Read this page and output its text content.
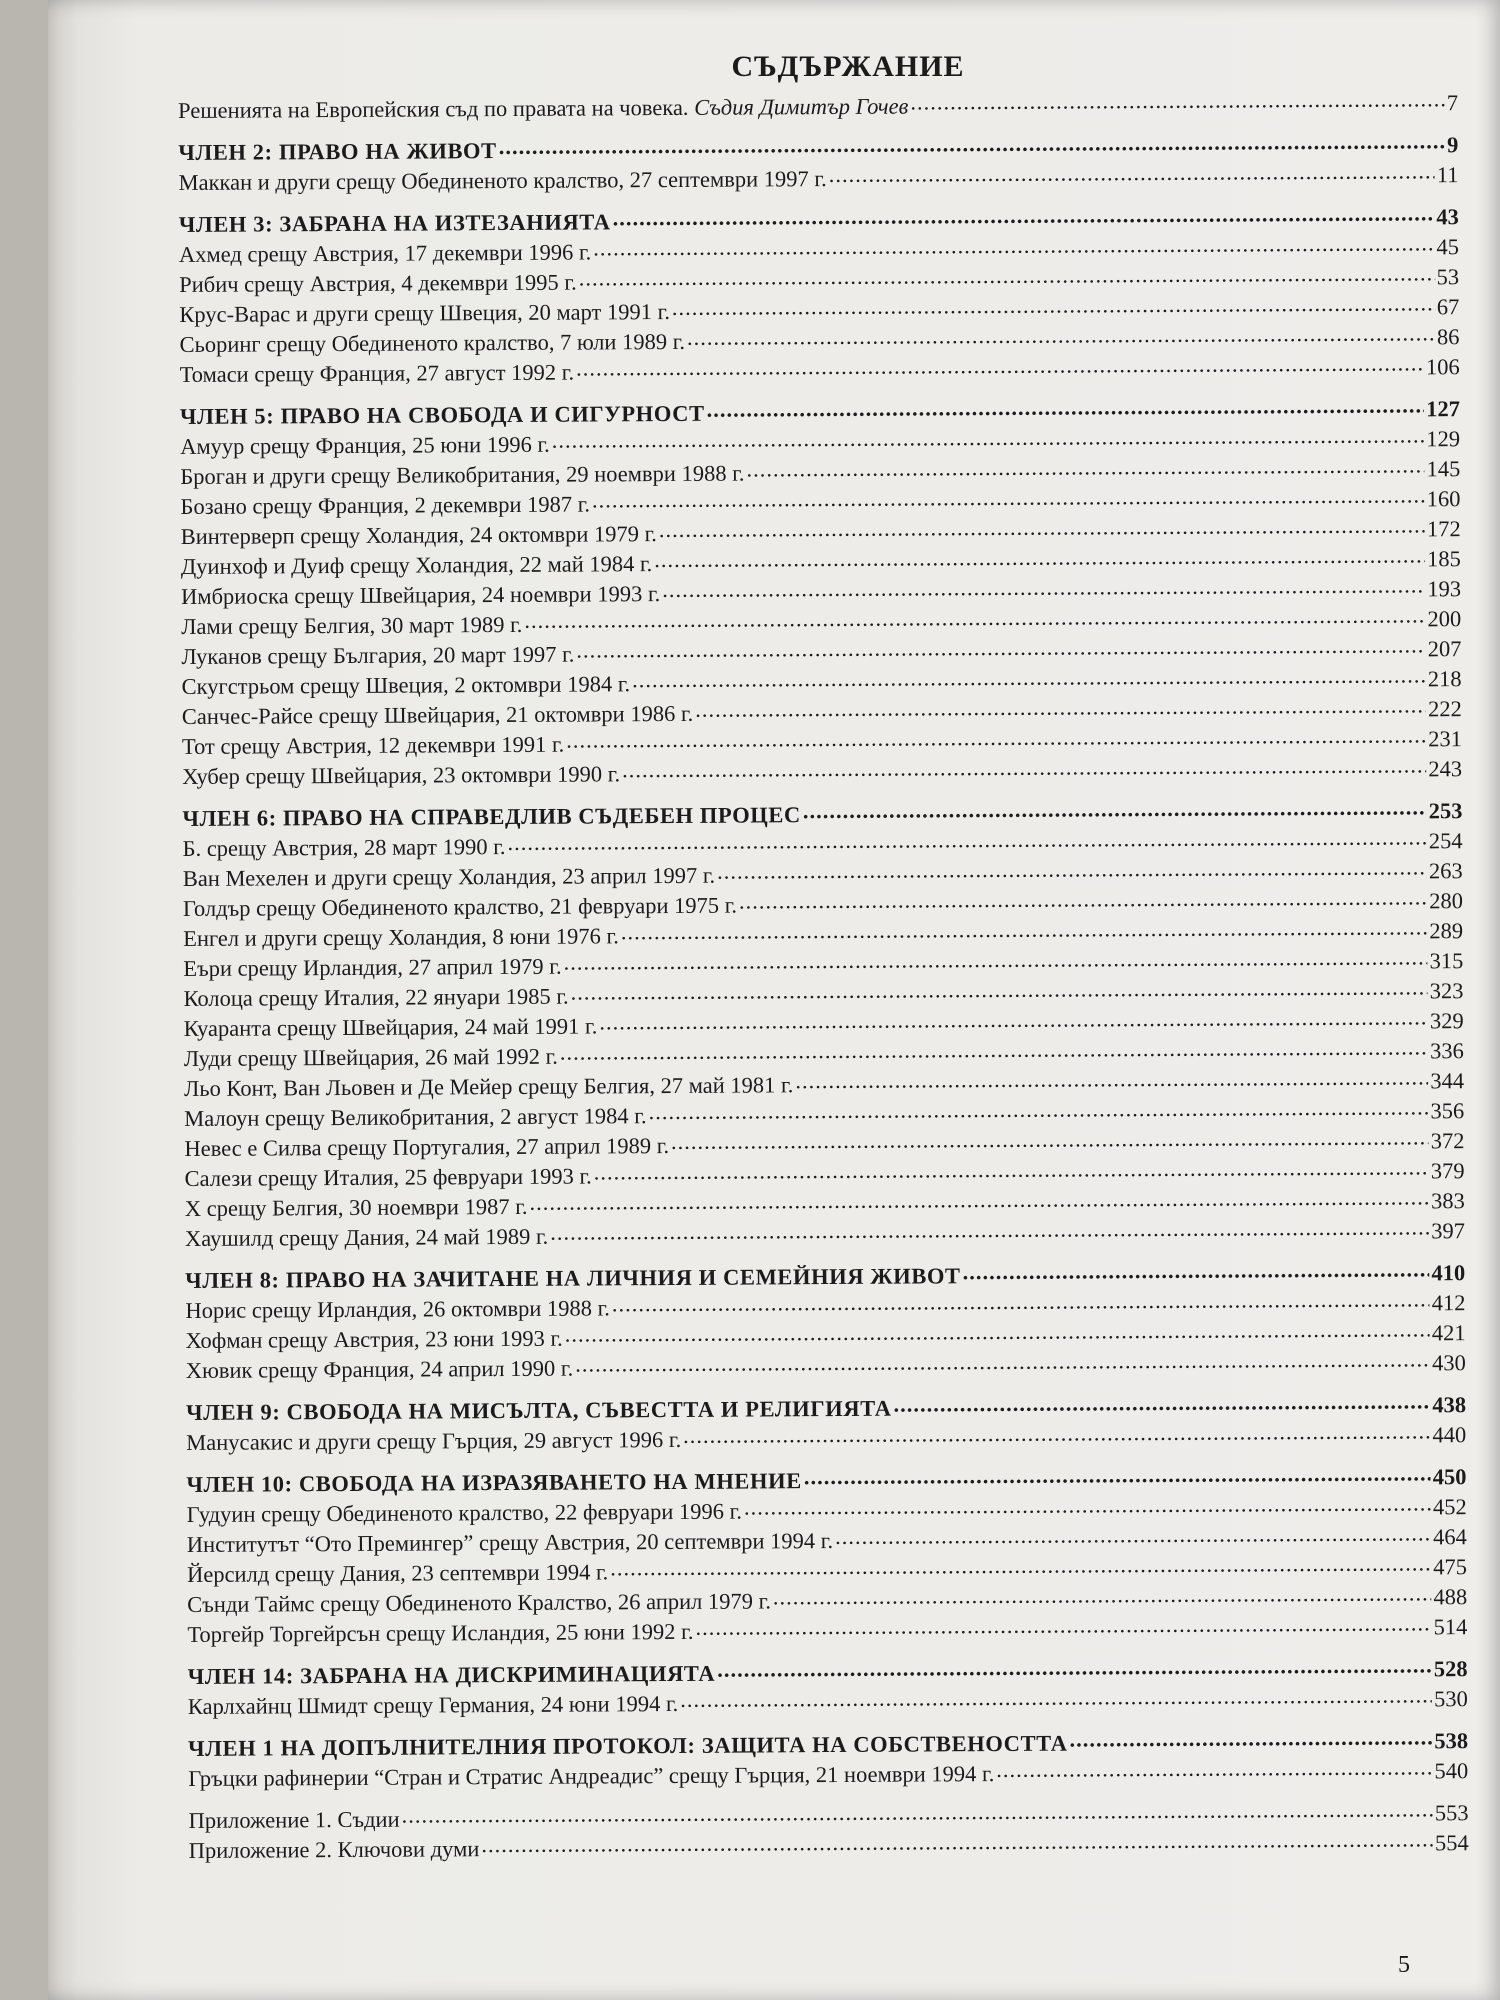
СЪДЪРЖАНИЕ
Решенията на Европейския съд по правата на човека. Съдия Димитър Гочев .....	7
ЧЛЕН 2: ПРАВО НА ЖИВОТ .....	9
Маккан и други срещу Обединеното кралство, 27 септември 1997 г. .....	11
ЧЛЕН 3: ЗАБРАНА НА ИЗТЕЗАНИЯТА .....	43
Ахмед срещу Австрия, 17 декември 1996 г. .....	45
Рибич срещу Австрия, 4 декември 1995 г. .....	53
Крус-Варас и други срещу Швеция, 20 март 1991 г. .....	67
Сьоринг срещу Обединеното кралство, 7 юли 1989 г. .....	86
Томаси срещу Франция, 27 август 1992 г. .....	106
ЧЛЕН 5: ПРАВО НА СВОБОДА И СИГУРНОСТ .....	127
Амуур срещу Франция, 25 юни 1996 г. .....	129
Броган и други срещу Великобритания, 29 ноември 1988 г. .....	145
Бозано срещу Франция, 2 декември 1987 г. .....	160
Винтерверп срещу Холандия, 24 октомври 1979 г. .....	172
Дуинхоф и Дуиф срещу Холандия, 22 май 1984 г. .....	185
Имбриоска срещу Швейцария, 24 ноември 1993 г. .....	193
Лами срещу Белгия, 30 март 1989 г. .....	200
Луканов срещу България, 20 март 1997 г. .....	207
Скугстрьом срещу Швеция, 2 октомври 1984 г. .....	218
Санчес-Райсе срещу Швейцария, 21 октомври 1986 г. .....	222
Тот срещу Австрия, 12 декември 1991 г. .....	231
Хубер срещу Швейцария, 23 октомври 1990 г. .....	243
ЧЛЕН 6: ПРАВО НА СПРАВЕДЛИВ СЪДЕБЕН ПРОЦЕС .....	253
Б. срещу Австрия, 28 март 1990 г. .....	254
Ван Мехелен и други срещу Холандия, 23 април 1997 г. .....	263
Голдър срещу Обединеното кралство, 21 февруари 1975 г. .....	280
Енгел и други срещу Холандия, 8 юни 1976 г. .....	289
Еъри срещу Ирландия, 27 април 1979 г. .....	315
Колоца срещу Италия, 22 януари 1985 г. .....	323
Куаранта срещу Швейцария, 24 май 1991 г. .....	329
Луди срещу Швейцария, 26 май 1992 г. .....	336
Льо Конт, Ван Льовен и Де Мейер срещу Белгия, 27 май 1981 г. .....	344
Малоун срещу Великобритания, 2 август 1984 г. .....	356
Невес е Силва срещу Португалия, 27 април 1989 г. .....	372
Салези срещу Италия, 25 февруари 1993 г. .....	379
Х срещу Белгия, 30 ноември 1987 г. .....	383
Хаушилд срещу Дания, 24 май 1989 г. .....	397
ЧЛЕН 8: ПРАВО НА ЗАЧИТАНЕ НА ЛИЧНИЯ И СЕМЕЙНИЯ ЖИВОТ .....	410
Норис срещу Ирландия, 26 октомври 1988 г. .....	412
Хофман срещу Австрия, 23 юни 1993 г. .....	421
Хювик срещу Франция, 24 април 1990 г. .....	430
ЧЛЕН 9: СВОБОДА НА МИСЪЛТА, СЪВЕСТТА И РЕЛИГИЯТА .....	438
Манусакис и други срещу Гърция, 29 август 1996 г. .....	440
ЧЛЕН 10: СВОБОДА НА ИЗРАЗЯВАНЕТО НА МНЕНИЕ .....	450
Гудуин срещу Обединеното кралство, 22 февруари 1996 г. .....	452
Институтът “Ото Премингер” срещу Австрия, 20 септември 1994 г. .....	464
Йерсилд срещу Дания, 23 септември 1994 г. .....	475
Сънди Таймс срещу Обединеното Кралство, 26 април 1979 г. .....	488
Торгейр Торгейрсън срещу Исландия, 25 юни 1992 г. .....	514
ЧЛЕН 14: ЗАБРАНА НА ДИСКРИМИНАЦИЯТА .....	528
Карлхайнц Шмидт срещу Германия, 24 юни 1994 г. .....	530
ЧЛЕН 1 НА ДОПЪЛНИТЕЛНИЯ ПРОТОКОЛ: ЗАЩИТА НА СОБСТВЕНОСТТА .....	538
Гръцки рафинерии “Стран и Стратис Андреадис” срещу Гърция, 21 ноември 1994 г. .....	540
Приложение 1. Съдии .....	553
Приложение 2. Ключови думи .....	554
5
